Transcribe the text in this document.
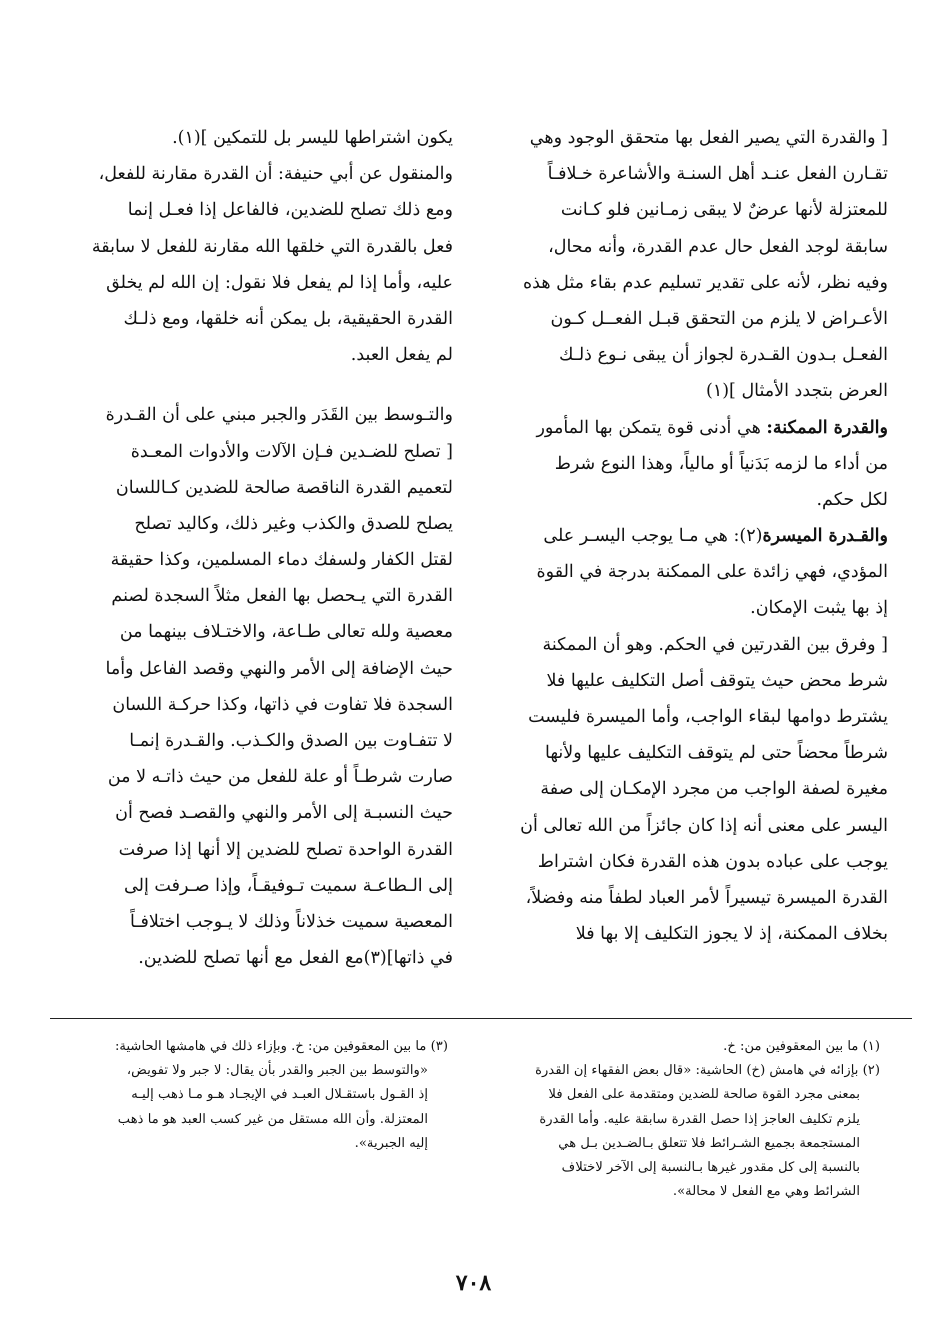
[ والقدرة التي يصير الفعل بها متحقق الوجود وهي
تقـارن الفعل عنـد أهل السنـة والأشاعرة خـلافـاً
للمعتزلة لأنها عرضٌ لا يبقى زمـانين فلو كـانت
سابقة لوجد الفعل حال عدم القدرة، وأنه محال،
وفيه نظر، لأنه على تقدير تسليم عدم بقاء مثل هذه
الأعـراض لا يلزم من التحقق قبـل الفعــل كـون
الفعـل بـدون القـدرة لجواز أن يبقى نـوع ذلـك
العرض بتجدد الأمثال ](١)
والقدرة الممكنة: هي أدنى قوة يتمكن بها المأمور
من أداء ما لزمه بَدَنياً أو مالياً، وهذا النوع شرط
لكل حكم.
والقـدرة الميسرة(٢): هي مـا يوجب اليسـر على
المؤدي، فهي زائدة على الممكنة بدرجة في القوة
إذ بها يثبت الإمكان.
[ وفرق بين القدرتين في الحكم. وهو أن الممكنة
شرط محض حيث يتوقف أصل التكليف عليها فلا
يشترط دوامها لبقاء الواجب، وأما الميسرة فليست
شرطاً محضاً حتى لم يتوقف التكليف عليها ولأنها
مغيرة لصفة الواجب من مجرد الإمكـان إلى صفة
اليسر على معنى أنه إذا كان جائزاً من الله تعالى أن
يوجب على عباده بدون هذه القدرة فكان اشتراط
القدرة الميسرة تيسيراً لأمر العباد لطفاً منه وفضلاً،
بخلاف الممكنة، إذ لا يجوز التكليف إلا بها فلا
يكون اشتراطها لليسر بل للتمكين ](١).
والمنقول عن أبي حنيفة: أن القدرة مقارنة للفعل،
ومع ذلك تصلح للضدين، فالفاعل إذا فعـل إنما
فعل بالقدرة التي خلقها الله مقارنة للفعل لا سابقة
عليه، وأما إذا لم يفعل فلا نقول: إن الله لم يخلق
القدرة الحقيقية، بل يمكن أنه خلقها، ومع ذلـك
لم يفعل العبد.
والتـوسط بين القَدَر والجبر مبني على أن القـدرة
[ تصلح للضـدين فـإن الآلات والأدوات المعـدة
لتعميم القدرة الناقصة صالحة للضدين كـاللسان
يصلح للصدق والكذب وغير ذلك، وكاليد تصلح
لقتل الكفار ولسفك دماء المسلمين، وكذا حقيقة
القدرة التي يـحصل بها الفعل مثلاً السجدة لصنم
معصية ولله تعالى طـاعة، والاختـلاف بينهما من
حيث الإضافة إلى الأمر والنهي وقصد الفاعل وأما
السجدة فلا تفاوت في ذاتها، وكذا حركـة اللسان
لا تتفـاوت بين الصدق والكـذب. والقـدرة إنمـا
صارت شرطـاً أو علة للفعل من حيث ذاتـه لا من
حيث النسبـة إلى الأمر والنهي والقصـد فصح أن
القدرة الواحدة تصلح للضدين إلا أنها إذا صرفت
إلى الـطاعـة سميت تـوفيقـاً، وإذا صـرفت إلى
المعصية سميت خذلاناً وذلك لا يـوجب اختلافـاً
في ذاتها](٣)مع الفعل مع أنها تصلح للضدين.
(١) ما بين المعقوفين من: خ.
(٢) بإزائه في هامش (خ) الحاشية: «قال بعض الفقهاء إن القدرة
بمعنى مجرد القوة صالحة للضدين ومتقدمة على الفعل فلا
يلزم تكليف العاجز إذا حصل القدرة سابقة عليه. وأما القدرة
المستجمعة بجميع الشـرائط فلا تتعلق بـالضـدين بـل هي
بالنسبة إلى كل مقدور غيرها بـالنسبة إلى الآخر لاختلاف
الشرائط وهي مع الفعل لا محالة».
(٣) ما بين المعقوفين من: خ. وبإزاء ذلك في هامشها الحاشية:
«والتوسط بين الجبر والقدر بأن يقال: لا جبر ولا تفويض،
إذ القـول باستقـلال العبـد في الإيجـاد هـو مـا ذهب إليـه
المعتزلة. وأن الله مستقل من غير كسب العبد هو ما ذهب
إليه الجبرية».
٧٠٨
